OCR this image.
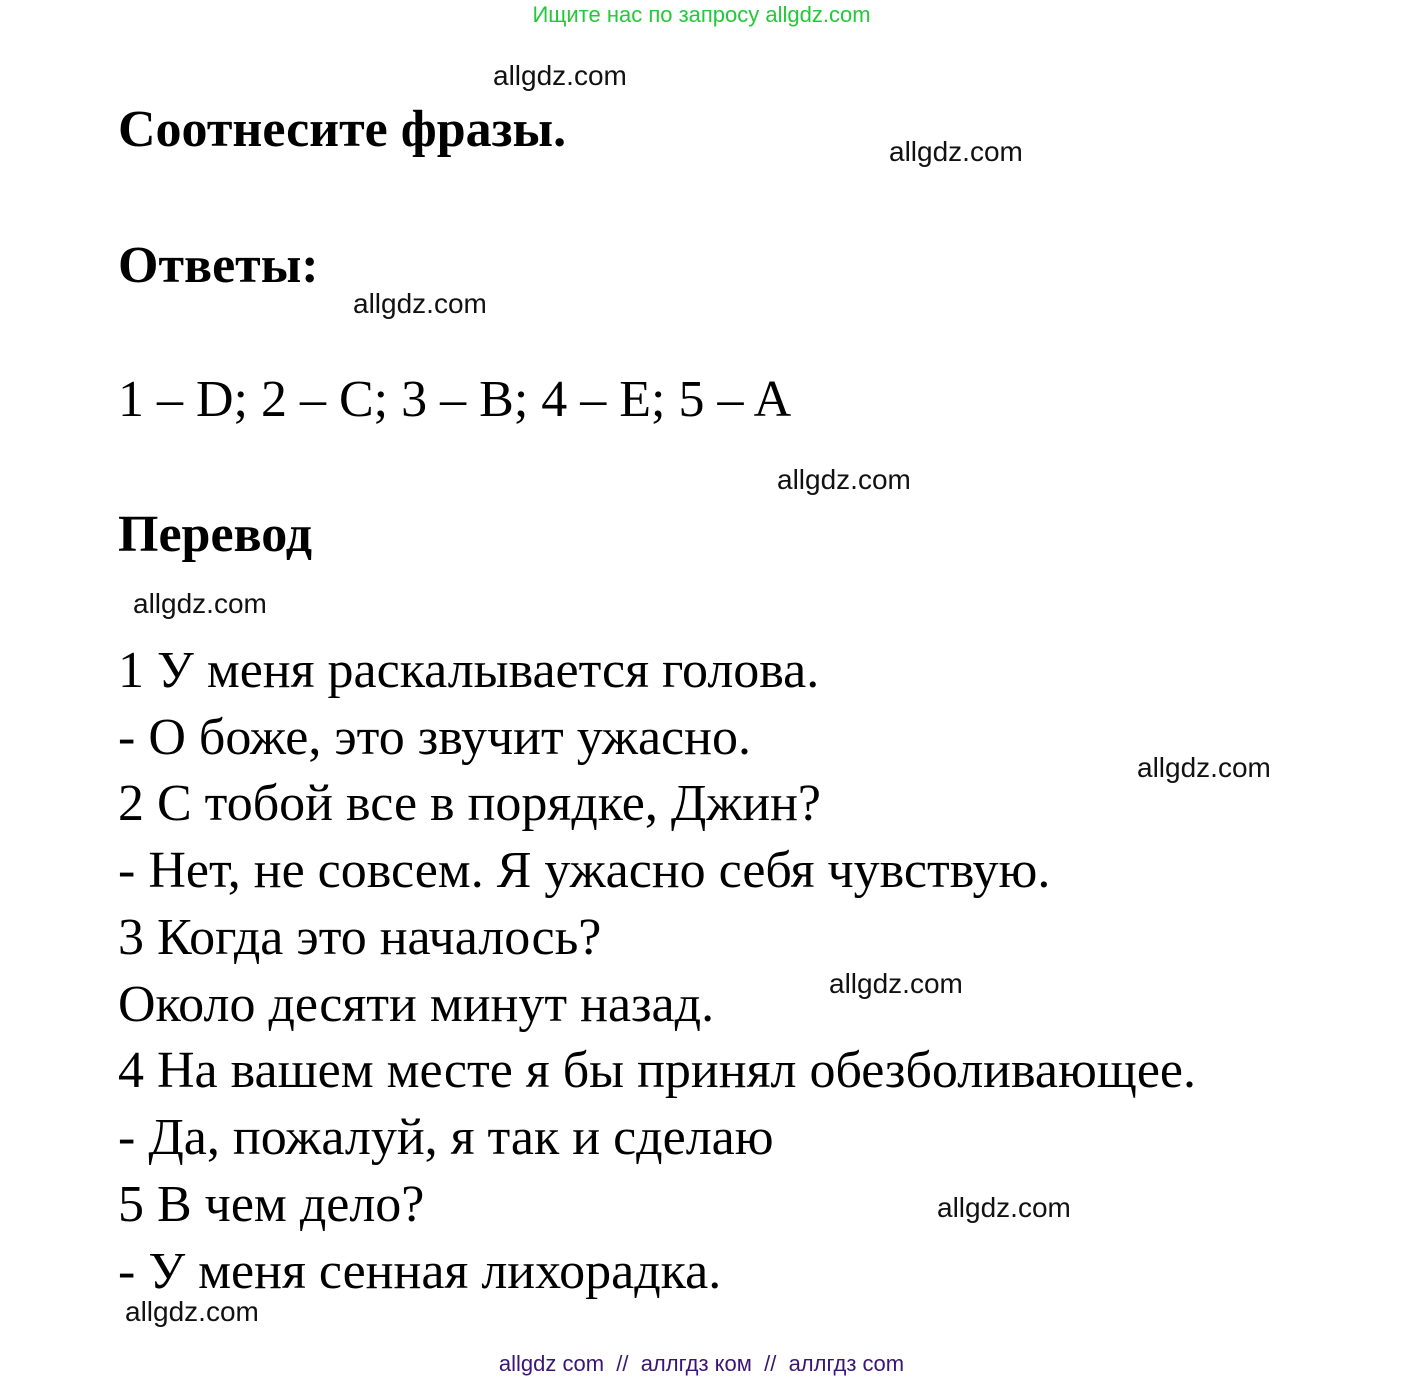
Ищите нас по запросу allgdz.com
allgdz.com
Соотнесите фразы.	allgdz.com
Ответы:
allgdz.com
1 – D; 2 – C; 3 – B; 4 – E; 5 – A
allgdz.com
Перевод
allgdz.com
1 У меня раскалывается голова.
- О боже, это звучит ужасно.
allgdz.com
2 С тобой все в порядке, Джин?
- Нет, не совсем. Я ужасно себя чувствую.
3 Когда это началось?
allgdz.com
Около десяти минут назад.
4 На вашем месте я бы принял обезболивающее.
- Да, пожалуй, я так и сделаю
5 В чем дело?	allgdz.com
- У меня сенная лихорадка.
allgdz.com
allgdz com  //  аллгдз ком  //  аллгдз com
